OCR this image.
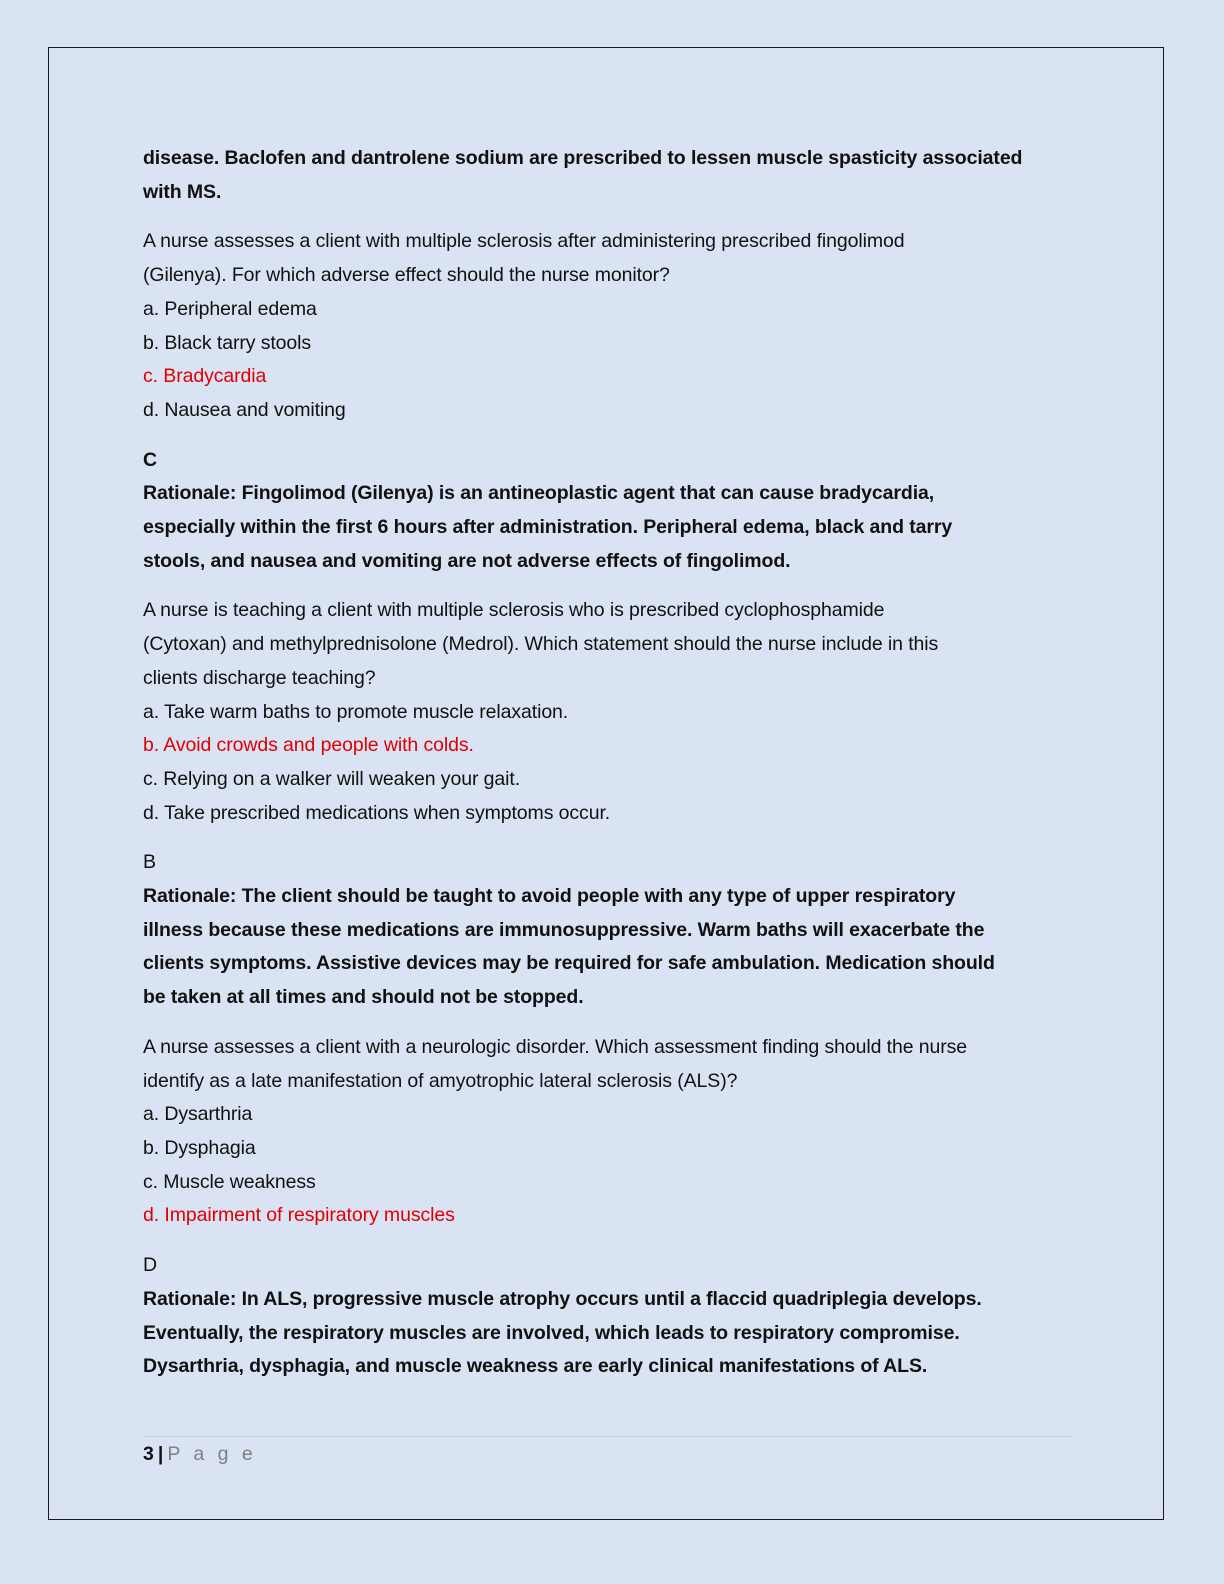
disease. Baclofen and dantrolene sodium are prescribed to lessen muscle spasticity associated
with MS.
A nurse assesses a client with multiple sclerosis after administering prescribed fingolimod
(Gilenya). For which adverse effect should the nurse monitor?
a. Peripheral edema
b. Black tarry stools
c. Bradycardia
d. Nausea and vomiting
C
Rationale: Fingolimod (Gilenya) is an antineoplastic agent that can cause bradycardia,
especially within the first 6 hours after administration. Peripheral edema, black and tarry
stools, and nausea and vomiting are not adverse effects of fingolimod.
A nurse is teaching a client with multiple sclerosis who is prescribed cyclophosphamide
(Cytoxan) and methylprednisolone (Medrol). Which statement should the nurse include in this
clients discharge teaching?
a. Take warm baths to promote muscle relaxation.
b. Avoid crowds and people with colds.
c. Relying on a walker will weaken your gait.
d. Take prescribed medications when symptoms occur.
B
Rationale: The client should be taught to avoid people with any type of upper respiratory
illness because these medications are immunosuppressive. Warm baths will exacerbate the
clients symptoms. Assistive devices may be required for safe ambulation. Medication should
be taken at all times and should not be stopped.
A nurse assesses a client with a neurologic disorder. Which assessment finding should the nurse
identify as a late manifestation of amyotrophic lateral sclerosis (ALS)?
a. Dysarthria
b. Dysphagia
c. Muscle weakness
d. Impairment of respiratory muscles
D
Rationale: In ALS, progressive muscle atrophy occurs until a flaccid quadriplegia develops.
Eventually, the respiratory muscles are involved, which leads to respiratory compromise.
Dysarthria, dysphagia, and muscle weakness are early clinical manifestations of ALS.
3 | P a g e
